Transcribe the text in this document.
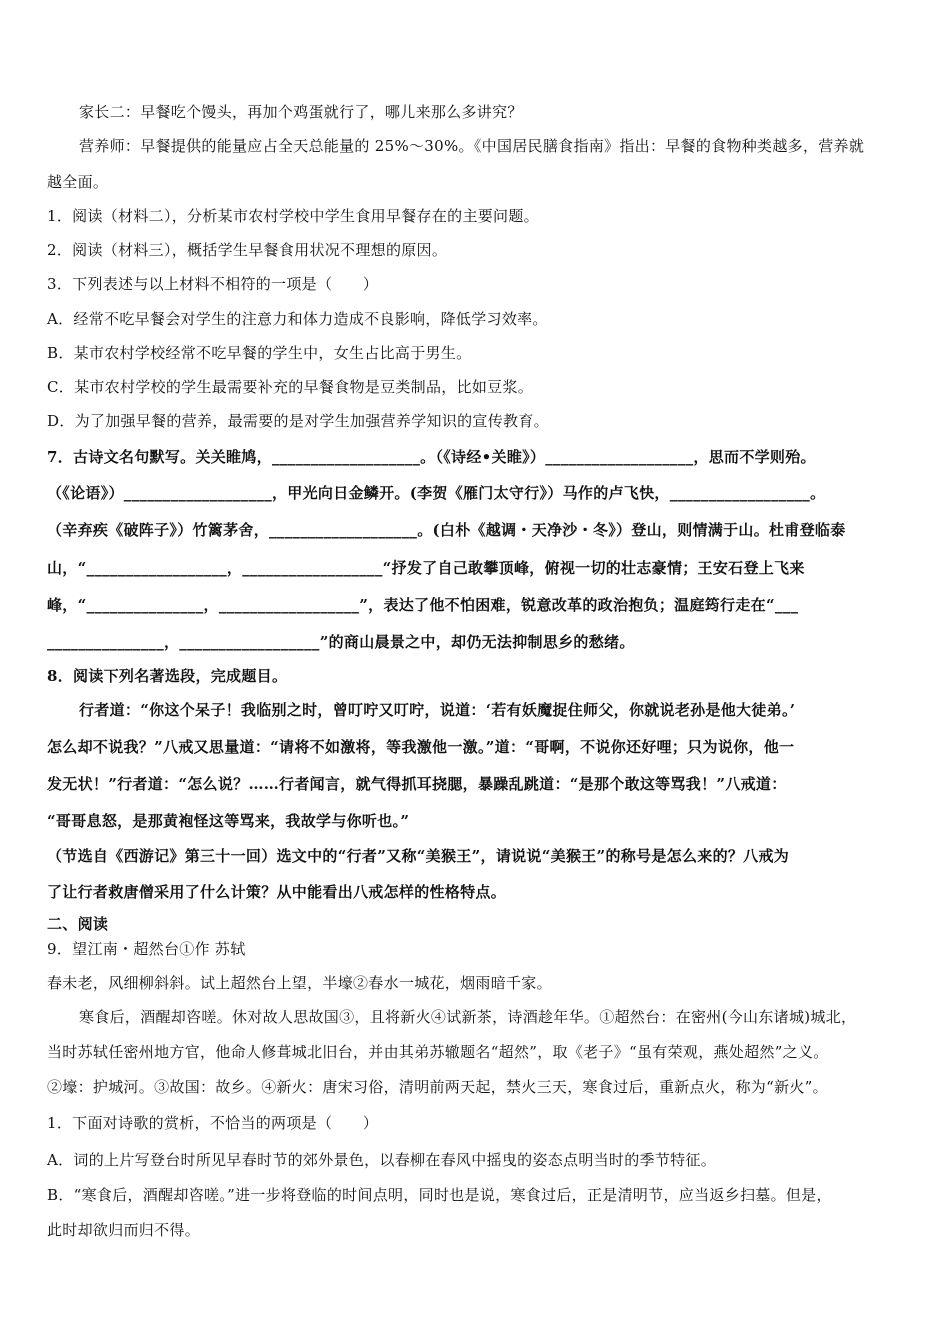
家长二：早餐吃个馒头，再加个鸡蛋就行了，哪儿来那么多讲究？
营养师：早餐提供的能量应占全天总能量的 25%～30%。《中国居民膳食指南》指出：早餐的食物种类越多，营养就
越全面。
1．阅读（材料二），分析某市农村学校中学生食用早餐存在的主要问题。
2．阅读（材料三），概括学生早餐食用状况不理想的原因。
3．下列表述与以上材料不相符的一项是（　　）
A．经常不吃早餐会对学生的注意力和体力造成不良影响，降低学习效率。
B．某市农村学校经常不吃早餐的学生中，女生占比高于男生。
C．某市农村学校的学生最需要补充的早餐食物是豆类制品，比如豆浆。
D．为了加强早餐的营养，最需要的是对学生加强营养学知识的宣传教育。
7．古诗文名句默写。关关睢鸠，___________________。（《诗经•关睢》）___________________，思而不学则殆。
（《论语》）___________________，甲光向日金鳞开。(李贺《雁门太守行》）马作的卢飞快，__________________。
（辛弃疾《破阵子》）竹篱茅舍，___________________。(白朴《越调・天净沙・冬》）登山，则情满于山。杜甫登临泰
山，“__________________，__________________“抒发了自己敢攀顶峰，俯视一切的壮志豪情；王安石登上飞来
峰，“_______________，__________________”，表达了他不怕困难，锐意改革的政治抱负；温庭筠行走在“___
_______________，__________________”的商山晨景之中，却仍无法抑制思乡的愁绪。
8．阅读下列名著选段，完成题目。
行者道：“你这个呆子！我临别之时，曾叮咛又叮咛，说道：‘若有妖魔捉住师父，你就说老孙是他大徒弟。’
怎么却不说我？”八戒又思量道：“请将不如激将，等我激他一激。”道：“哥啊，不说你还好哩；只为说你，他一
发无状！”行者道：“怎么说？……行者闻言，就气得抓耳挠腮，暴躁乱跳道：“是那个敢这等骂我！”八戒道：
“哥哥息怒，是那黄袍怪这等骂来，我故学与你听也。”
（节选自《西游记》第三十一回）选文中的“行者”又称“美猴王”，请说说“美猴王”的称号是怎么来的？八戒为
了让行者救唐僧采用了什么计策？从中能看出八戒怎样的性格特点。
二、阅读
9．望江南・超然台①作 苏轼
春未老，风细柳斜斜。试上超然台上望，半壕②春水一城花，烟雨暗千家。
寒食后，酒醒却咨嗟。休对故人思故国③，且将新火④试新茶，诗酒趁年华。①超然台：在密州(今山东诸城)城北，
当时苏轼任密州地方官，他命人修葺城北旧台，并由其弟苏辙题名“超然”，取《老子》“虽有荣观，燕处超然”之义。
②壕：护城河。③故国：故乡。④新火：唐宋习俗，清明前两天起，禁火三天，寒食过后，重新点火，称为“新火”。
1．下面对诗歌的赏析，不恰当的两项是（　　）
A．词的上片写登台时所见早春时节的郊外景色，以春柳在春风中摇曳的姿态点明当时的季节特征。
B．“寒食后，酒醒却咨嗟。”进一步将登临的时间点明，同时也是说，寒食过后，正是清明节，应当返乡扫墓。但是，
此时却欲归而归不得。
